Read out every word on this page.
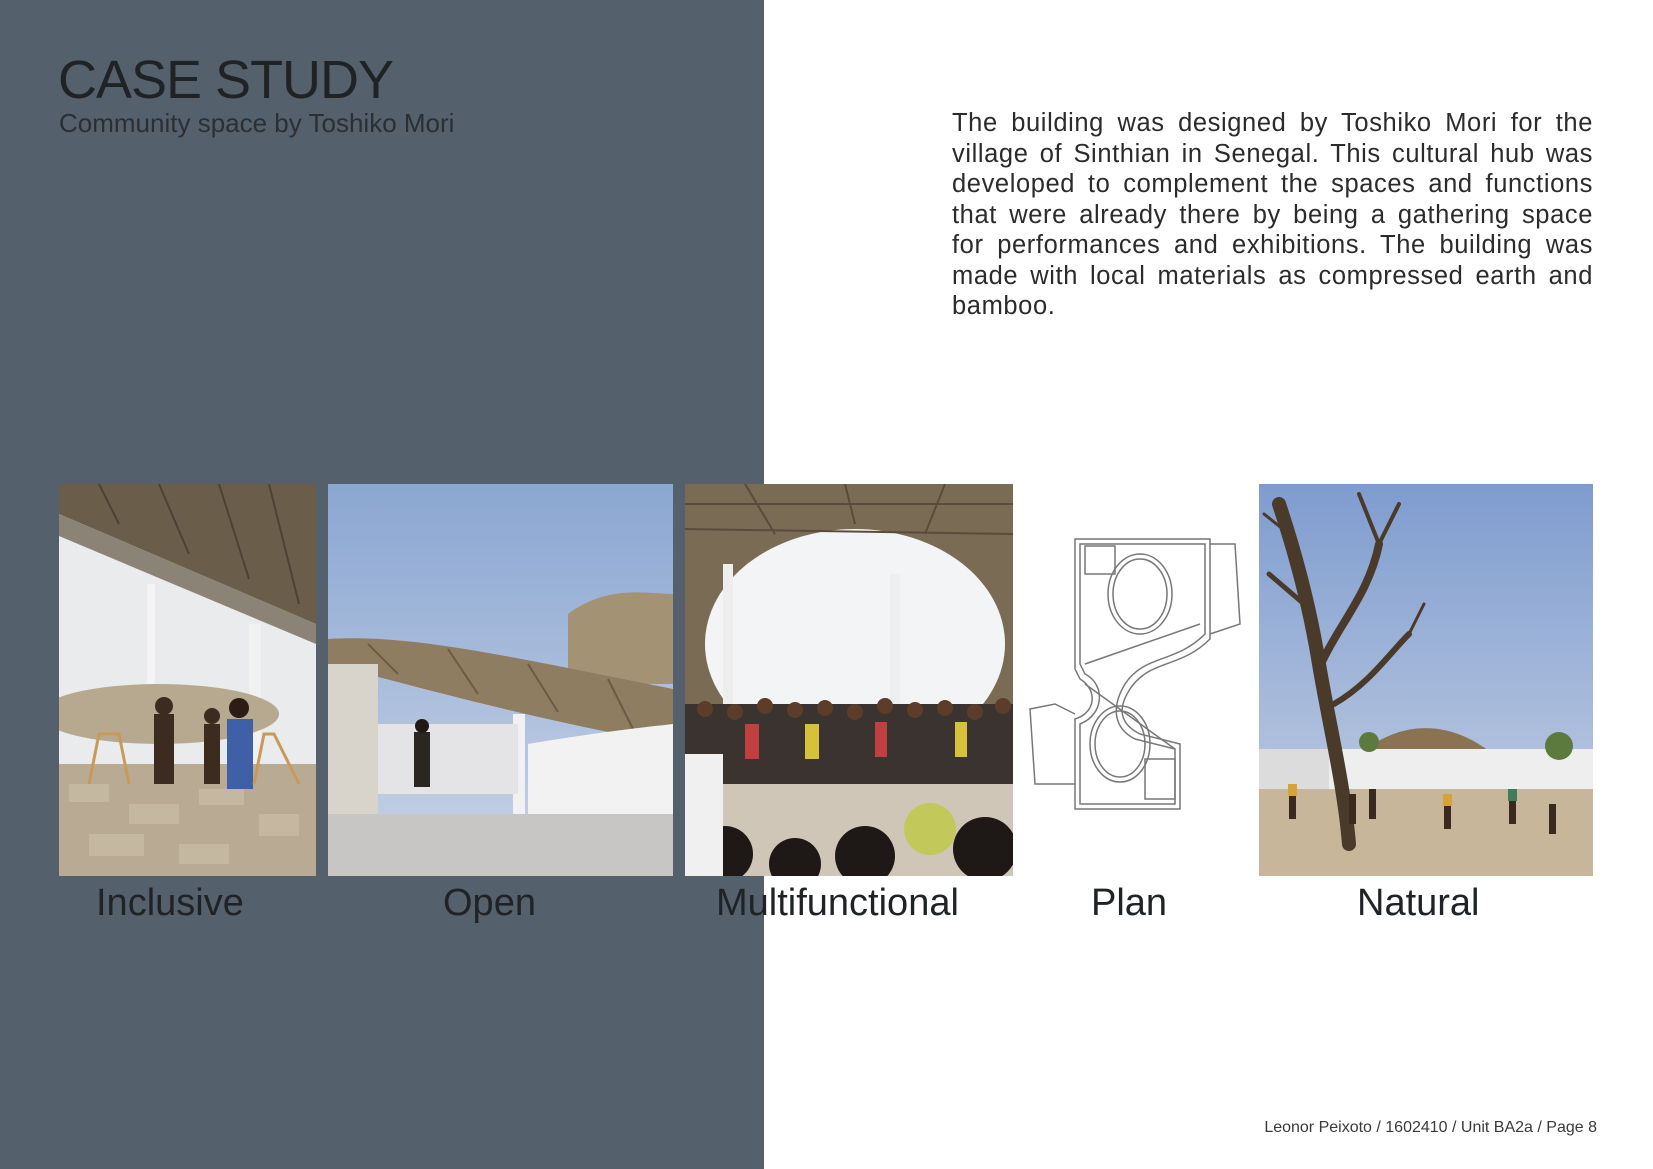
CASE STUDY

Community space by Toshiko Mori	The building was designed by Toshiko Mori for the village of Sinthian in Senegal. This cultural hub was developed to complement the spaces and functions that were already there by being a gathering space for performances and exhibitions. The building was made with local materials as compressed earth and bamboo.

Inclusive	Open	Multifunctional	Plan	Natural

Leonor Peixoto / 1602410 / Unit BA2a / Page 8
